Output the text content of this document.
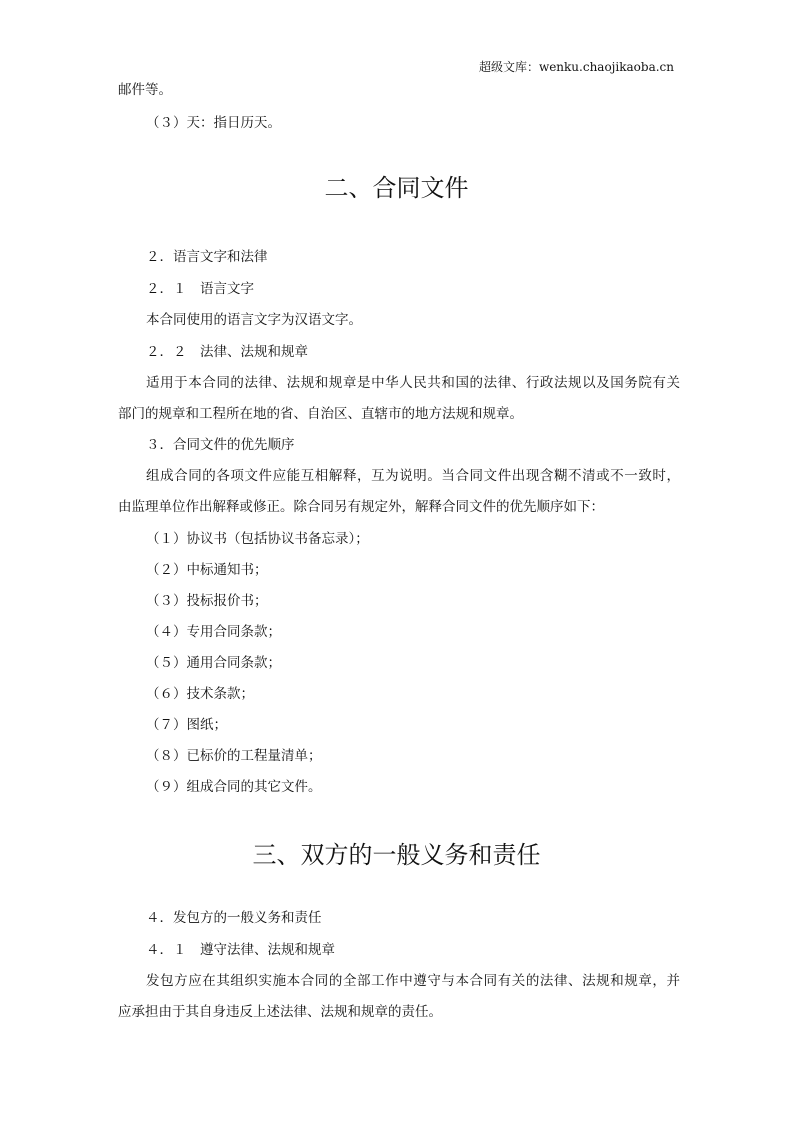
超级文库：wenku.chaojikaoba.cn
邮件等。
（３）天：指日历天。
二、合同文件
２．语言文字和法律
２．１　语言文字
本合同使用的语言文字为汉语文字。
２．２　法律、法规和规章
适用于本合同的法律、法规和规章是中华人民共和国的法律、行政法规以及国务院有关
部门的规章和工程所在地的省、自治区、直辖市的地方法规和规章。
３．合同文件的优先顺序
组成合同的各项文件应能互相解释，互为说明。当合同文件出现含糊不清或不一致时，
由监理单位作出解释或修正。除合同另有规定外，解释合同文件的优先顺序如下：
（１）协议书（包括协议书备忘录）；
（２）中标通知书；
（３）投标报价书；
（４）专用合同条款；
（５）通用合同条款；
（６）技术条款；
（７）图纸；
（８）已标价的工程量清单；
（９）组成合同的其它文件。
三、双方的一般义务和责任
４．发包方的一般义务和责任
４．１　遵守法律、法规和规章
发包方应在其组织实施本合同的全部工作中遵守与本合同有关的法律、法规和规章，并
应承担由于其自身违反上述法律、法规和规章的责任。
